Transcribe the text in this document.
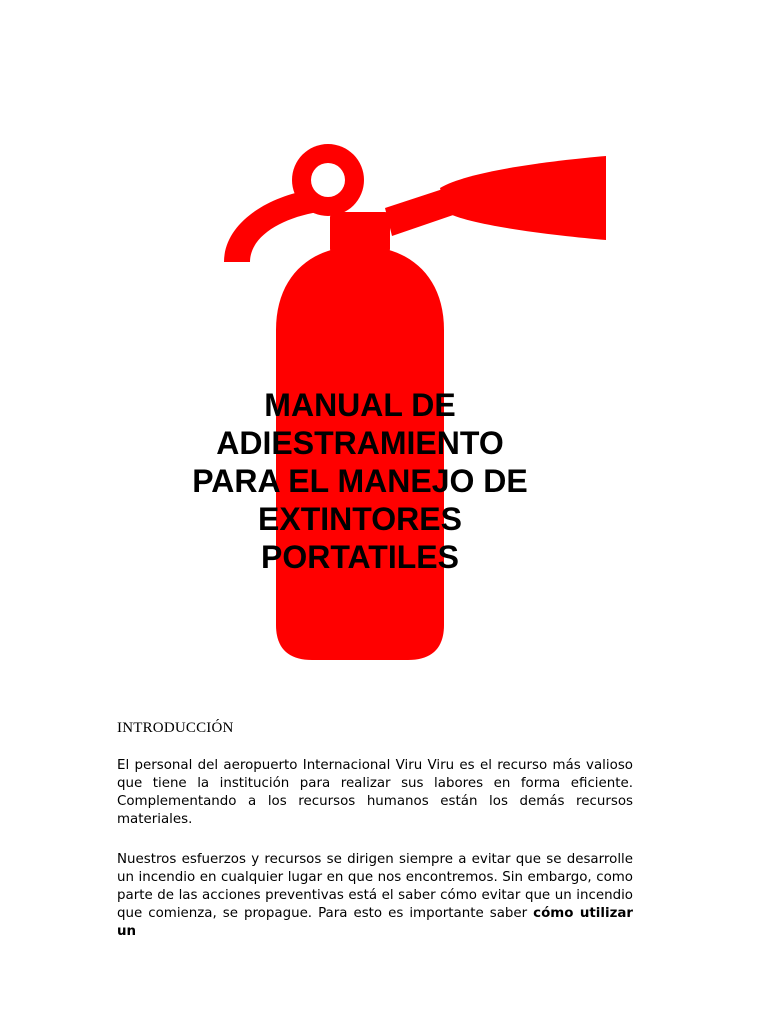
MANUAL DE
ADIESTRAMIENTO
PARA EL MANEJO DE
EXTINTORES
PORTATILES
INTRODUCCIÓN

El personal del aeropuerto Internacional Viru Viru es el recurso más valioso que tiene la institución para realizar sus labores en forma eficiente. Complementando a los recursos humanos están los demás recursos materiales.

Nuestros esfuerzos y recursos se dirigen siempre a evitar que se desarrolle un incendio en cualquier lugar en que nos encontremos. Sin embargo, como parte de las acciones preventivas está el saber cómo evitar que un incendio que comienza, se propague. Para esto es importante saber cómo utilizar un
